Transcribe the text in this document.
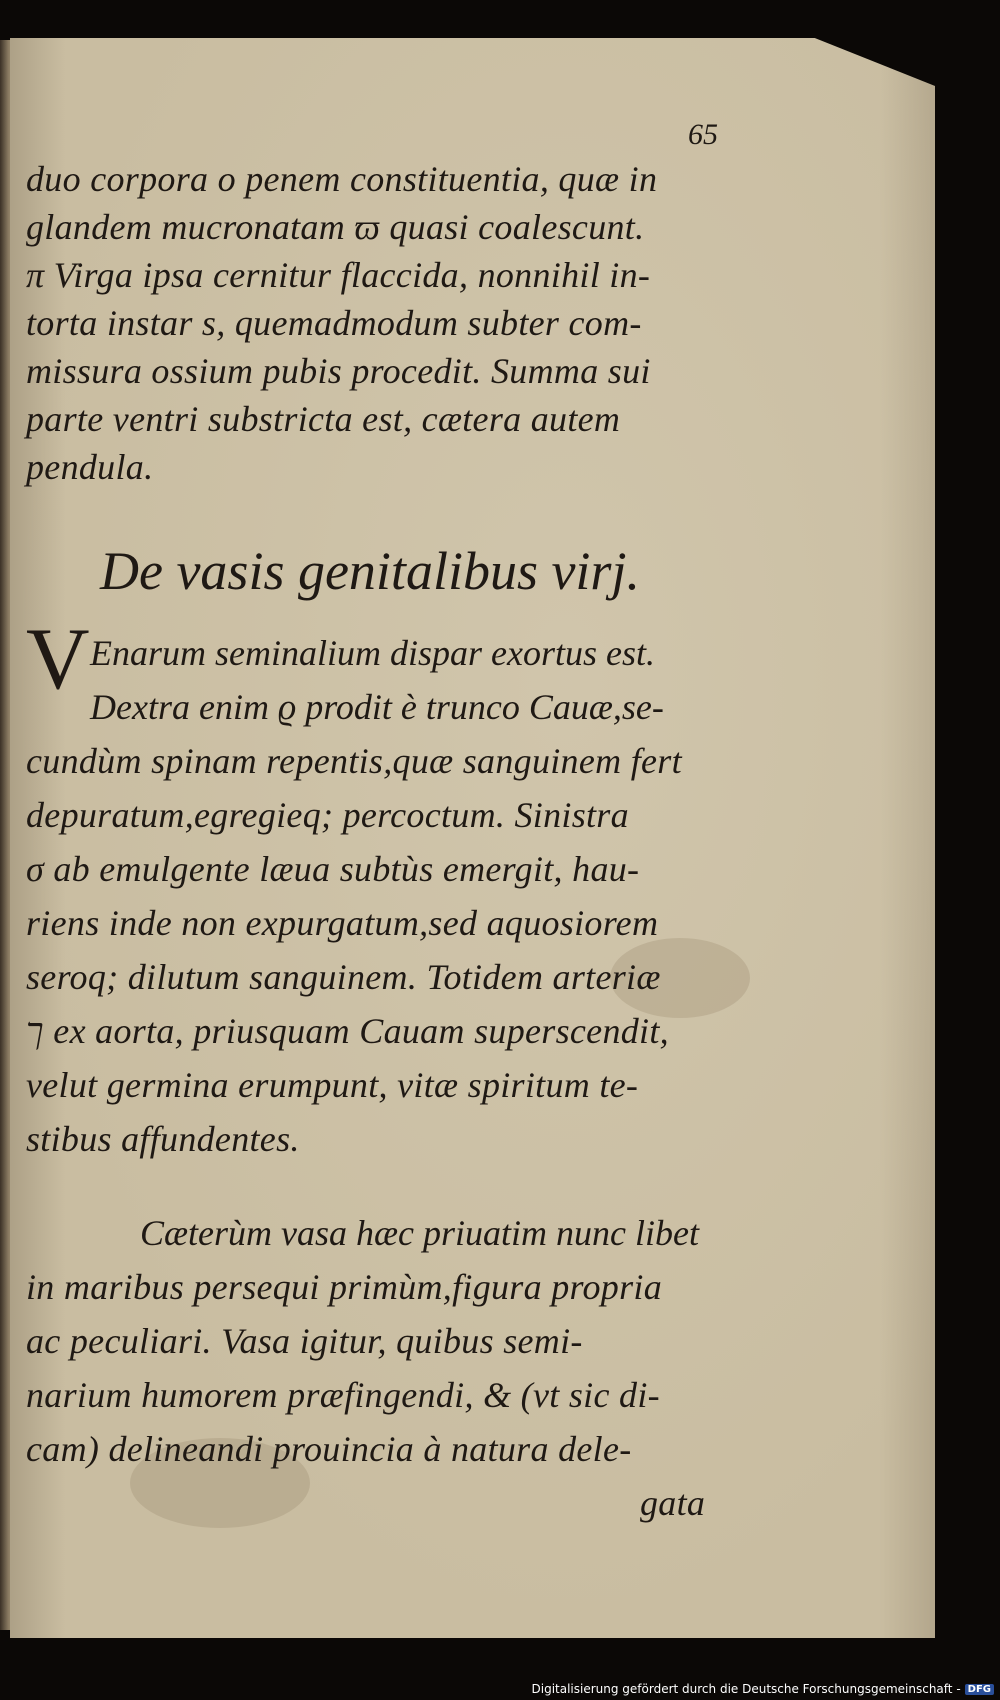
65
duo corpora o penem constituentia, quæ in
glandem mucronatam ϖ quasi coalescunt.
π Virga ipsa cernitur flaccida, nonnihil in-
torta instar s, quemadmodum subter com-
missura ossium pubis procedit. Summa sui
parte ventri substricta est, cætera autem
pendula.
De vasis genitalibus virj.
V Enarum seminalium dispar exortus est.
Dextra enim ϱ prodit è trunco Cauæ,se-
cundùm spinam repentis,quæ sanguinem fert
depuratum,egregieq; percoctum. Sinistra
σ ab emulgente læua subtùs emergit, hau-
riens inde non expurgatum,sed aquosiorem
seroq; dilutum sanguinem. Totidem arteriæ
ך ex aorta, priusquam Cauam superscendit,
velut germina erumpunt, vitæ spiritum te-
stibus affundentes.
Cæterùm vasa hæc priuatim nunc libet
in maribus persequi primùm,figura propria
ac peculiari. Vasa igitur, quibus semi-
narium humorem præfingendi, & (vt sic di-
cam) delineandi prouincia à natura dele-
gata
Digitalisierung gefördert durch die Deutsche Forschungsgemeinschaft - DFG
